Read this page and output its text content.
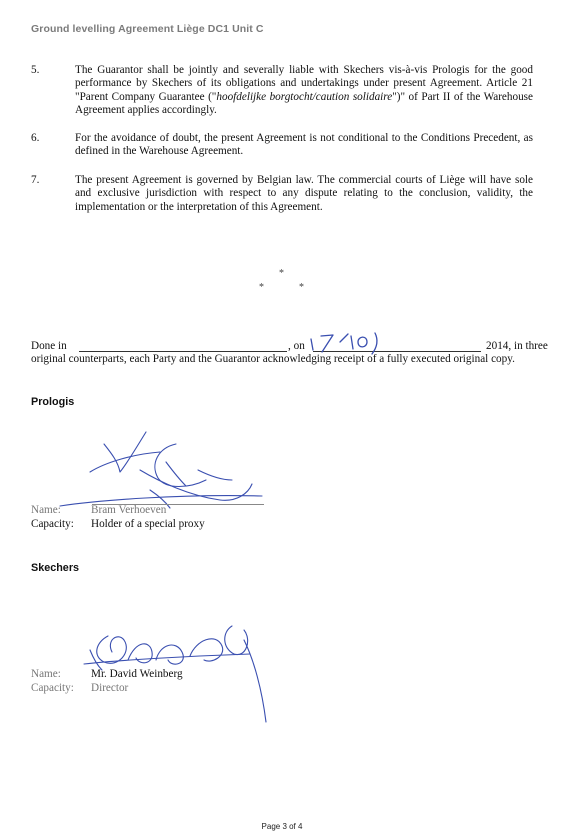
Ground levelling Agreement Liège DC1 Unit C
5.	The Guarantor shall be jointly and severally liable with Skechers vis-à-vis Prologis for the good performance by Skechers of its obligations and undertakings under present Agreement. Article 21 "Parent Company Guarantee ("hoofdelijke borgtocht/caution solidaire")" of Part II of the Warehouse Agreement applies accordingly.
6.	For the avoidance of doubt, the present Agreement is not conditional to the Conditions Precedent, as defined in the Warehouse Agreement.
7.	The present Agreement is governed by Belgian law. The commercial courts of Liège will have sole and exclusive jurisdiction with respect to any dispute relating to the conclusion, validity, the implementation or the interpretation of this Agreement.
*
*	*
Done in	, on	2014, in three
original counterparts, each Party and the Guarantor acknowledging receipt of a fully executed original copy.
Prologis
Name:	Bram Verhoeven
Capacity: Holder of a special proxy
Skechers
Name:	Mr. David Weinberg
Capacity: Director
Page 3 of 4
